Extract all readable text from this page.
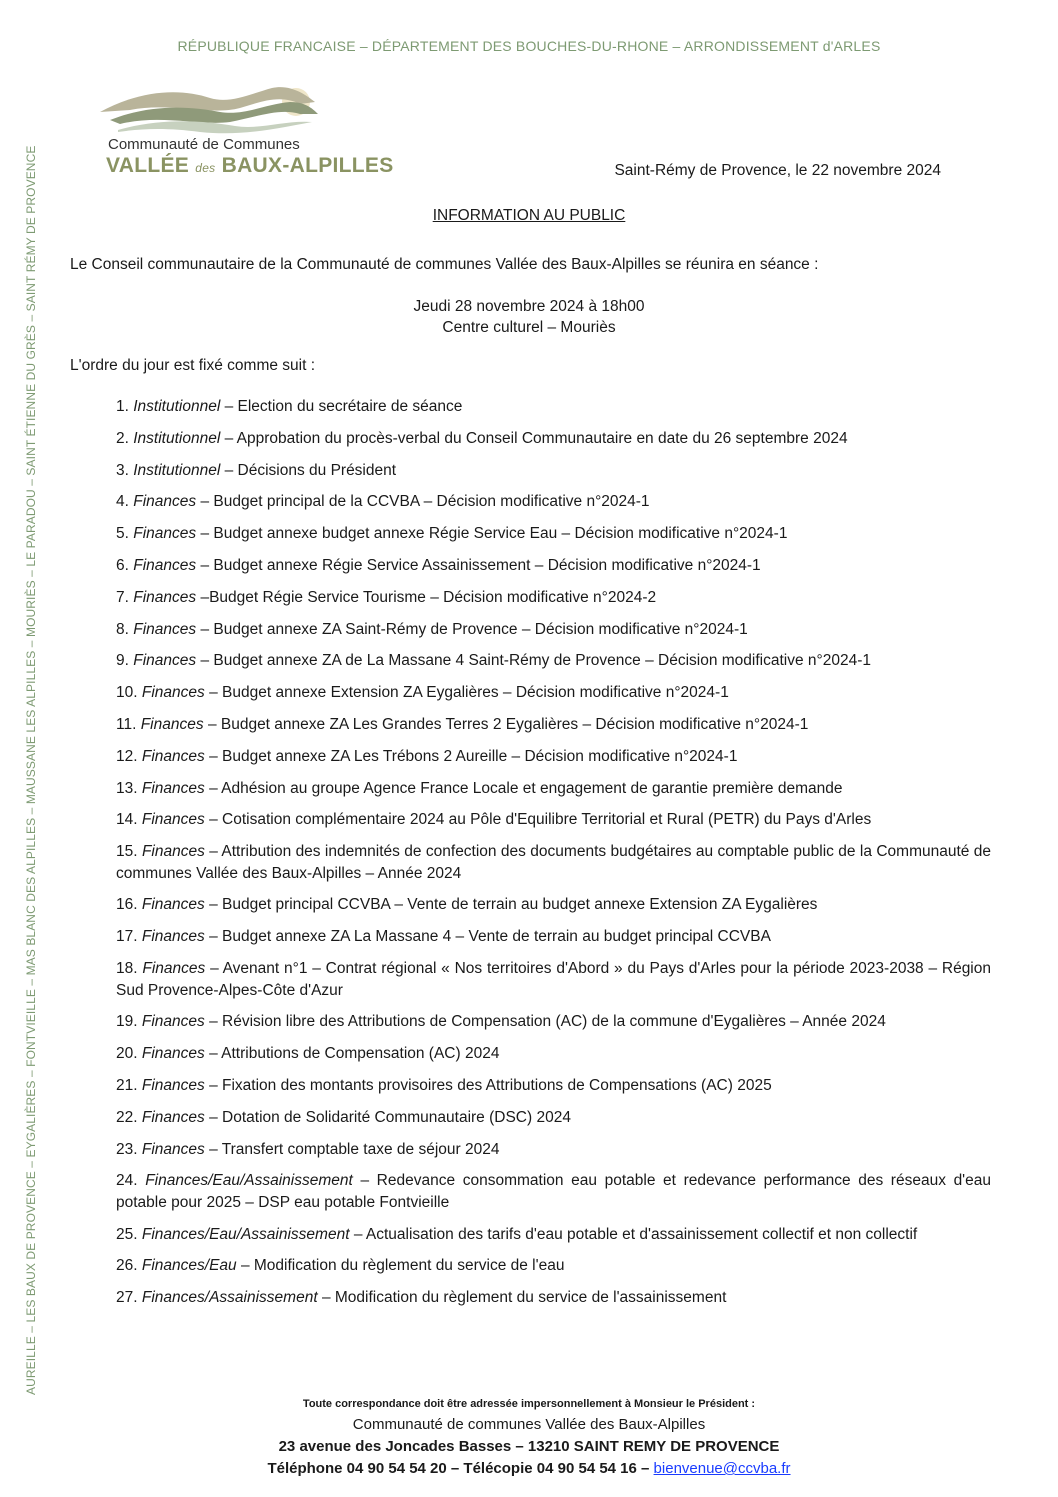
RÉPUBLIQUE FRANCAISE – DÉPARTEMENT DES BOUCHES-DU-RHONE – ARRONDISSEMENT d'ARLES
Communauté de Communes
VALLÉE des BAUX-ALPILLES
AUREILLE – LES BAUX DE PROVENCE – EYGALIÈRES – FONTVIEILLE – MAS BLANC DES ALPILLES – MAUSSANE LES ALPILLES – MOURIÈS – LE PARADOU – SAINT ÉTIENNE DU GRÈS – SAINT RÉMY DE PROVENCE	Saint-Rémy de Provence, le 22 novembre 2024
INFORMATION AU PUBLIC
Le Conseil communautaire de la Communauté de communes Vallée des Baux-Alpilles se réunira en séance :
Jeudi 28 novembre 2024 à 18h00
Centre culturel – Mouriès
L'ordre du jour est fixé comme suit :
1. Institutionnel – Election du secrétaire de séance
2. Institutionnel – Approbation du procès-verbal du Conseil Communautaire en date du 26 septembre 2024
3. Institutionnel – Décisions du Président
4. Finances – Budget principal de la CCVBA – Décision modificative n°2024-1
5. Finances – Budget annexe budget annexe Régie Service Eau – Décision modificative n°2024-1
6. Finances – Budget annexe Régie Service Assainissement – Décision modificative n°2024-1
7. Finances –Budget Régie Service Tourisme – Décision modificative n°2024-2
8. Finances – Budget annexe ZA Saint-Rémy de Provence – Décision modificative n°2024-1
9. Finances – Budget annexe ZA de La Massane 4 Saint-Rémy de Provence – Décision modificative n°2024-1
10. Finances – Budget annexe Extension ZA Eygalières – Décision modificative n°2024-1
11. Finances – Budget annexe ZA Les Grandes Terres 2 Eygalières – Décision modificative n°2024-1
12. Finances – Budget annexe ZA Les Trébons 2 Aureille – Décision modificative n°2024-1
13. Finances – Adhésion au groupe Agence France Locale et engagement de garantie première demande
14. Finances – Cotisation complémentaire 2024 au Pôle d'Equilibre Territorial et Rural (PETR) du Pays d'Arles
15. Finances – Attribution des indemnités de confection des documents budgétaires au comptable public de la Communauté de communes Vallée des Baux-Alpilles – Année 2024
16. Finances – Budget principal CCVBA – Vente de terrain au budget annexe Extension ZA Eygalières
17. Finances – Budget annexe ZA La Massane 4 – Vente de terrain au budget principal CCVBA
18. Finances – Avenant n°1 – Contrat régional « Nos territoires d'Abord » du Pays d'Arles pour la période 2023-2038 – Région Sud Provence-Alpes-Côte d'Azur
19. Finances – Révision libre des Attributions de Compensation (AC) de la commune d'Eygalières – Année 2024
20. Finances – Attributions de Compensation (AC) 2024
21. Finances – Fixation des montants provisoires des Attributions de Compensations (AC) 2025
22. Finances – Dotation de Solidarité Communautaire (DSC) 2024
23. Finances – Transfert comptable taxe de séjour 2024
24. Finances/Eau/Assainissement – Redevance consommation eau potable et redevance performance des réseaux d'eau potable pour 2025 – DSP eau potable Fontvieille
25. Finances/Eau/Assainissement – Actualisation des tarifs d'eau potable et d'assainissement collectif et non collectif
26. Finances/Eau – Modification du règlement du service de l'eau
27. Finances/Assainissement – Modification du règlement du service de l'assainissement
Toute correspondance doit être adressée impersonnellement à Monsieur le Président :
Communauté de communes Vallée des Baux-Alpilles
23 avenue des Joncades Basses – 13210 SAINT REMY DE PROVENCE
Téléphone 04 90 54 54 20 – Télécopie 04 90 54 54 16 – bienvenue@ccvba.fr
